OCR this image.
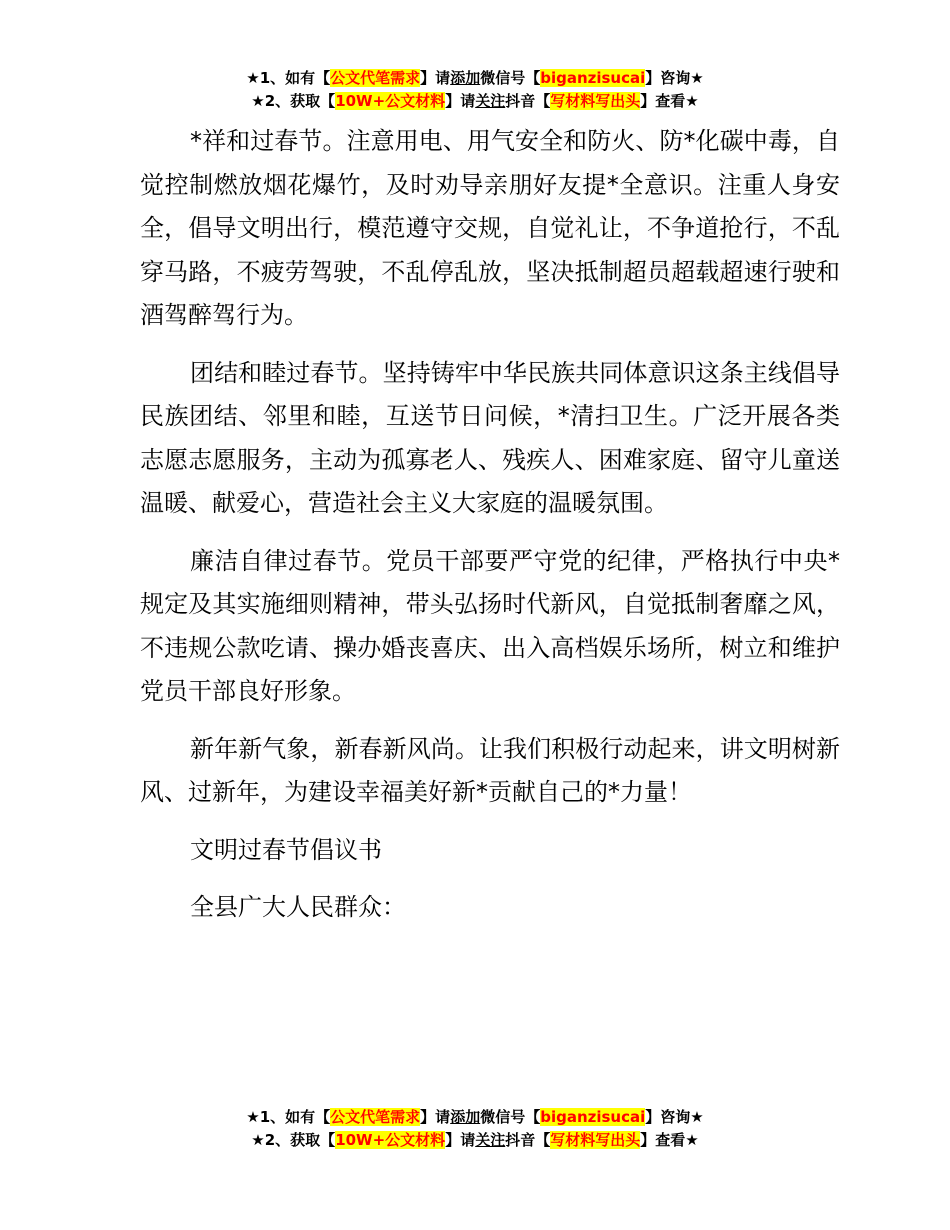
★1、如有【公文代笔需求】请添加微信号【biganzisucai】咨询★
★2、获取【10W+公文材料】请关注抖音【写材料写出头】查看★

*祥和过春节。注意用电、用气安全和防火、防*化碳中毒，自觉控制燃放烟花爆竹，及时劝导亲朋好友提*全意识。注重人身安全，倡导文明出行，模范遵守交规，自觉礼让，不争道抢行，不乱穿马路，不疲劳驾驶，不乱停乱放，坚决抵制超员超载超速行驶和酒驾醉驾行为。

团结和睦过春节。坚持铸牢中华民族共同体意识这条主线倡导民族团结、邻里和睦，互送节日问候，*清扫卫生。广泛开展各类志愿志愿服务，主动为孤寡老人、残疾人、困难家庭、留守儿童送温暖、献爱心，营造社会主义大家庭的温暖氛围。

廉洁自律过春节。党员干部要严守党的纪律，严格执行中央*规定及其实施细则精神，带头弘扬时代新风，自觉抵制奢靡之风，不违规公款吃请、操办婚丧喜庆、出入高档娱乐场所，树立和维护党员干部良好形象。

新年新气象，新春新风尚。让我们积极行动起来，讲文明树新风、过新年，为建设幸福美好新*贡献自己的*力量！

文明过春节倡议书

全县广大人民群众：

★1、如有【公文代笔需求】请添加微信号【biganzisucai】咨询★
★2、获取【10W+公文材料】请关注抖音【写材料写出头】查看★
